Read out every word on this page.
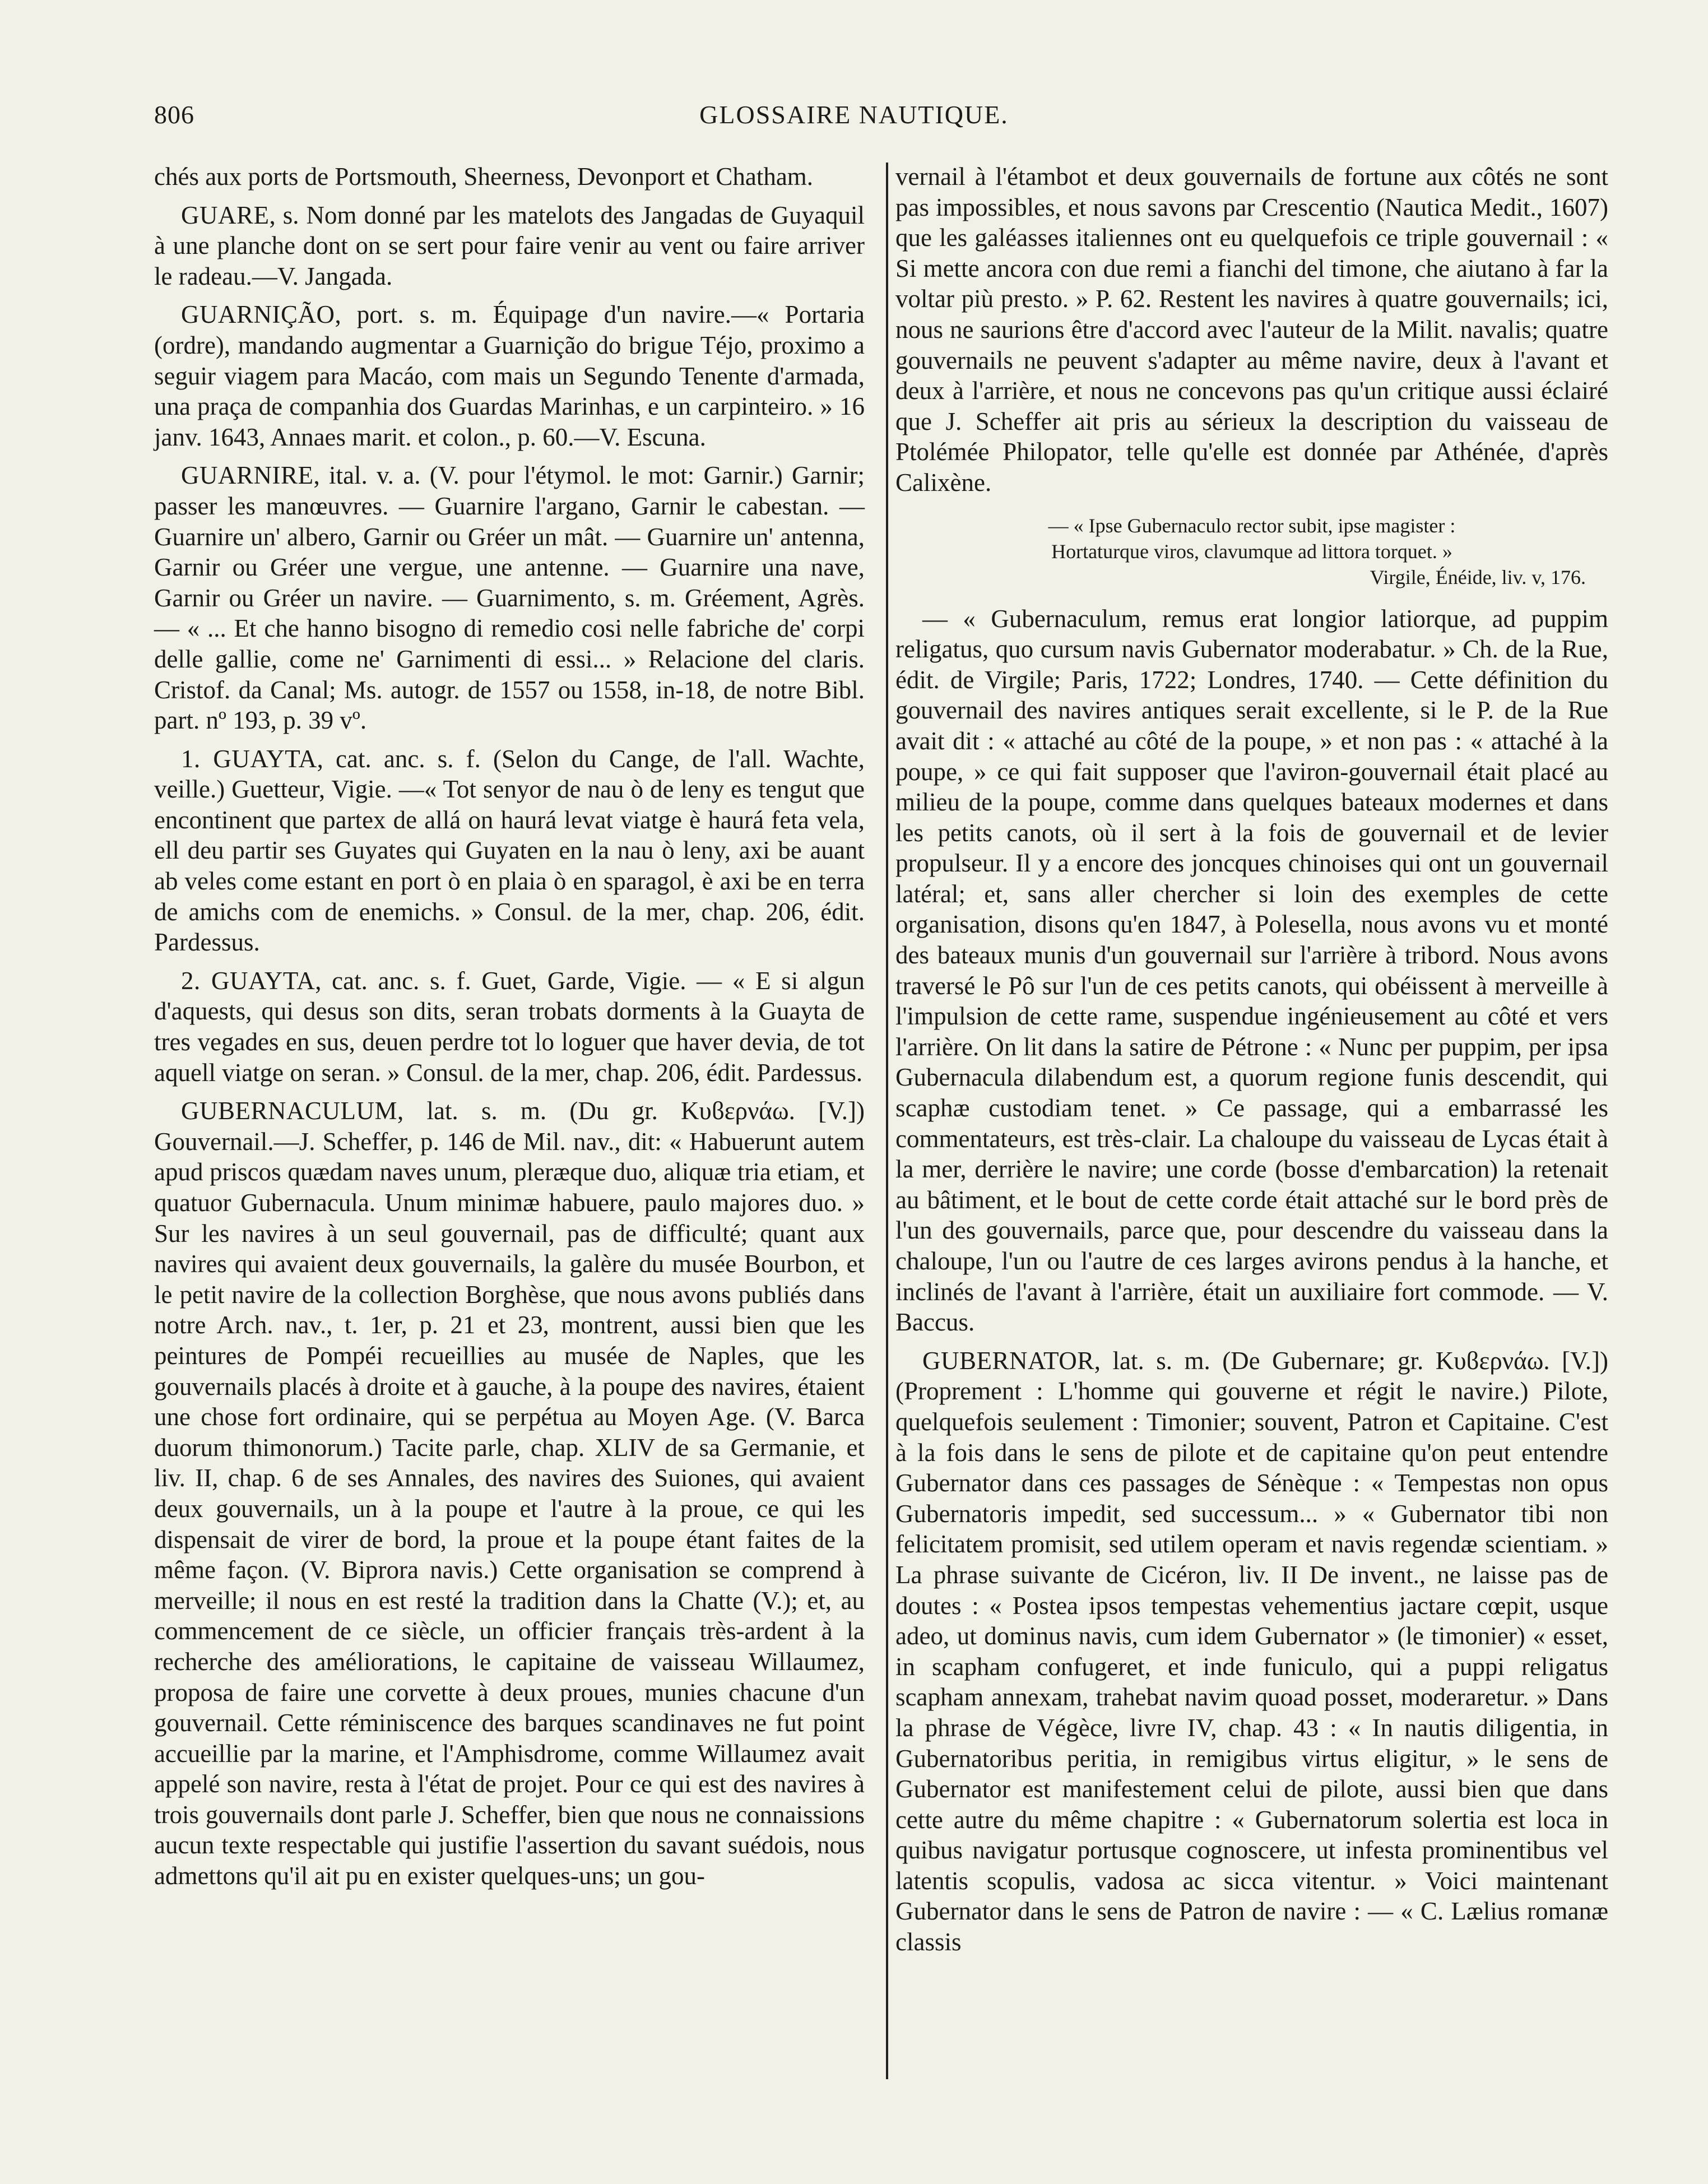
806	GLOSSAIRE NAUTIQUE.

chés aux ports de Portsmouth, Sheerness, Devonport et Chatham.

GUARE, s. Nom donné par les matelots des Jangadas de Guyaquil à une planche dont on se sert pour faire venir au vent ou faire arriver le radeau.—V. Jangada.

GUARNIÇÃO, port. s. m. Équipage d'un navire.—« Portaria (ordre), mandando augmentar a Guarnição do brigue Téjo, proximo a seguir viagem para Macáo, com mais un Segundo Tenente d'armada, una praça de companhia dos Guardas Marinhas, e un carpinteiro. » 16 janv. 1643, Annaes marit. et colon., p. 60.—V. Escuna.

GUARNIRE, ital. v. a. (V. pour l'étymol. le mot: Garnir.) Garnir; passer les manœuvres. — Guarnire l'argano, Garnir le cabestan. — Guarnire un' albero, Garnir ou Gréer un mât. — Guarnire un' antenna, Garnir ou Gréer une vergue, une antenne. — Guarnire una nave, Garnir ou Gréer un navire. — Guarnimento, s. m. Gréement, Agrès. — « ... Et che hanno bisogno di remedio cosi nelle fabriche de' corpi delle gallie, come ne' Garnimenti di essi... » Relacione del claris. Cristof. da Canal; Ms. autogr. de 1557 ou 1558, in-18, de notre Bibl. part. nº 193, p. 39 vº.

1. GUAYTA, cat. anc. s. f. (Selon du Cange, de l'all. Wachte, veille.) Guetteur, Vigie. —« Tot senyor de nau ò de leny es tengut que encontinent que partex de allá on haurá levat viatge è haurá feta vela, ell deu partir ses Guyates qui Guyaten en la nau ò leny, axi be auant ab veles come estant en port ò en plaia ò en sparagol, è axi be en terra de amichs com de enemichs. » Consul. de la mer, chap. 206, édit. Pardessus.

2. GUAYTA, cat. anc. s. f. Guet, Garde, Vigie. — « E si algun d'aquests, qui desus son dits, seran trobats dorments à la Guayta de tres vegades en sus, deuen perdre tot lo loguer que haver devia, de tot aquell viatge on seran. » Consul. de la mer, chap. 206, édit. Pardessus.

GUBERNACULUM, lat. s. m. (Du gr. Κυϐερνάω. [V.]) Gouvernail.—J. Scheffer, p. 146 de Mil. nav., dit: « Habuerunt autem apud priscos quædam naves unum, pleræque duo, aliquæ tria etiam, et quatuor Gubernacula. Unum minimæ habuere, paulo majores duo. » Sur les navires à un seul gouvernail, pas de difficulté; quant aux navires qui avaient deux gouvernails, la galère du musée Bourbon, et le petit navire de la collection Borghèse, que nous avons publiés dans notre Arch. nav., t. 1er, p. 21 et 23, montrent, aussi bien que les peintures de Pompéi recueillies au musée de Naples, que les gouvernails placés à droite et à gauche, à la poupe des navires, étaient une chose fort ordinaire, qui se perpétua au Moyen Age. (V. Barca duorum thimonorum.) Tacite parle, chap. XLIV de sa Germanie, et liv. II, chap. 6 de ses Annales, des navires des Suiones, qui avaient deux gouvernails, un à la poupe et l'autre à la proue, ce qui les dispensait de virer de bord, la proue et la poupe étant faites de la même façon. (V. Biprora navis.) Cette organisation se comprend à merveille; il nous en est resté la tradition dans la Chatte (V.); et, au commencement de ce siècle, un officier français très-ardent à la recherche des améliorations, le capitaine de vaisseau Willaumez, proposa de faire une corvette à deux proues, munies chacune d'un gouvernail. Cette réminiscence des barques scandinaves ne fut point accueillie par la marine, et l'Amphisdrome, comme Willaumez avait appelé son navire, resta à l'état de projet. Pour ce qui est des navires à trois gouvernails dont parle J. Scheffer, bien que nous ne connaissions aucun texte respectable qui justifie l'assertion du savant suédois, nous admettons qu'il ait pu en exister quelques-uns; un gou-

vernail à l'étambot et deux gouvernails de fortune aux côtés ne sont pas impossibles, et nous savons par Crescentio (Nautica Medit., 1607) que les galéasses italiennes ont eu quelquefois ce triple gouvernail : « Si mette ancora con due remi a fianchi del timone, che aiutano à far la voltar più presto. » P. 62. Restent les navires à quatre gouvernails; ici, nous ne saurions être d'accord avec l'auteur de la Milit. navalis; quatre gouvernails ne peuvent s'adapter au même navire, deux à l'avant et deux à l'arrière, et nous ne concevons pas qu'un critique aussi éclairé que J. Scheffer ait pris au sérieux la description du vaisseau de Ptolémée Philopator, telle qu'elle est donnée par Athénée, d'après Calixène.

— « Ipse Gubernaculo rector subit, ipse magister :
Hortaturque viros, clavumque ad littora torquet. »
Virgile, Énéide, liv. v, 176.

— « Gubernaculum, remus erat longior latiorque, ad puppim religatus, quo cursum navis Gubernator moderabatur. » Ch. de la Rue, édit. de Virgile; Paris, 1722; Londres, 1740. — Cette définition du gouvernail des navires antiques serait excellente, si le P. de la Rue avait dit : « attaché au côté de la poupe, » et non pas : « attaché à la poupe, » ce qui fait supposer que l'aviron-gouvernail était placé au milieu de la poupe, comme dans quelques bateaux modernes et dans les petits canots, où il sert à la fois de gouvernail et de levier propulseur. Il y a encore des joncques chinoises qui ont un gouvernail latéral; et, sans aller chercher si loin des exemples de cette organisation, disons qu'en 1847, à Polesella, nous avons vu et monté des bateaux munis d'un gouvernail sur l'arrière à tribord. Nous avons traversé le Pô sur l'un de ces petits canots, qui obéissent à merveille à l'impulsion de cette rame, suspendue ingénieusement au côté et vers l'arrière. On lit dans la satire de Pétrone : « Nunc per puppim, per ipsa Gubernacula dilabendum est, a quorum regione funis descendit, qui scaphæ custodiam tenet. » Ce passage, qui a embarrassé les commentateurs, est très-clair. La chaloupe du vaisseau de Lycas était à la mer, derrière le navire; une corde (bosse d'embarcation) la retenait au bâtiment, et le bout de cette corde était attaché sur le bord près de l'un des gouvernails, parce que, pour descendre du vaisseau dans la chaloupe, l'un ou l'autre de ces larges avirons pendus à la hanche, et inclinés de l'avant à l'arrière, était un auxiliaire fort commode. — V. Baccus.

GUBERNATOR, lat. s. m. (De Gubernare; gr. Κυϐερνάω. [V.]) (Proprement : L'homme qui gouverne et régit le navire.) Pilote, quelquefois seulement : Timonier; souvent, Patron et Capitaine. C'est à la fois dans le sens de pilote et de capitaine qu'on peut entendre Gubernator dans ces passages de Sénèque : « Tempestas non opus Gubernatoris impedit, sed successum... » « Gubernator tibi non felicitatem promisit, sed utilem operam et navis regendæ scientiam. » La phrase suivante de Cicéron, liv. II De invent., ne laisse pas de doutes : « Postea ipsos tempestas vehementius jactare cœpit, usque adeo, ut dominus navis, cum idem Gubernator » (le timonier) « esset, in scapham confugeret, et inde funiculo, qui a puppi religatus scapham annexam, trahebat navim quoad posset, moderaretur. » Dans la phrase de Végèce, livre IV, chap. 43 : « In nautis diligentia, in Gubernatoribus peritia, in remigibus virtus eligitur, » le sens de Gubernator est manifestement celui de pilote, aussi bien que dans cette autre du même chapitre : « Gubernatorum solertia est loca in quibus navigatur portusque cognoscere, ut infesta prominentibus vel latentis scopulis, vadosa ac sicca vitentur. » Voici maintenant Gubernator dans le sens de Patron de navire : — « C. Lælius romanæ classis
